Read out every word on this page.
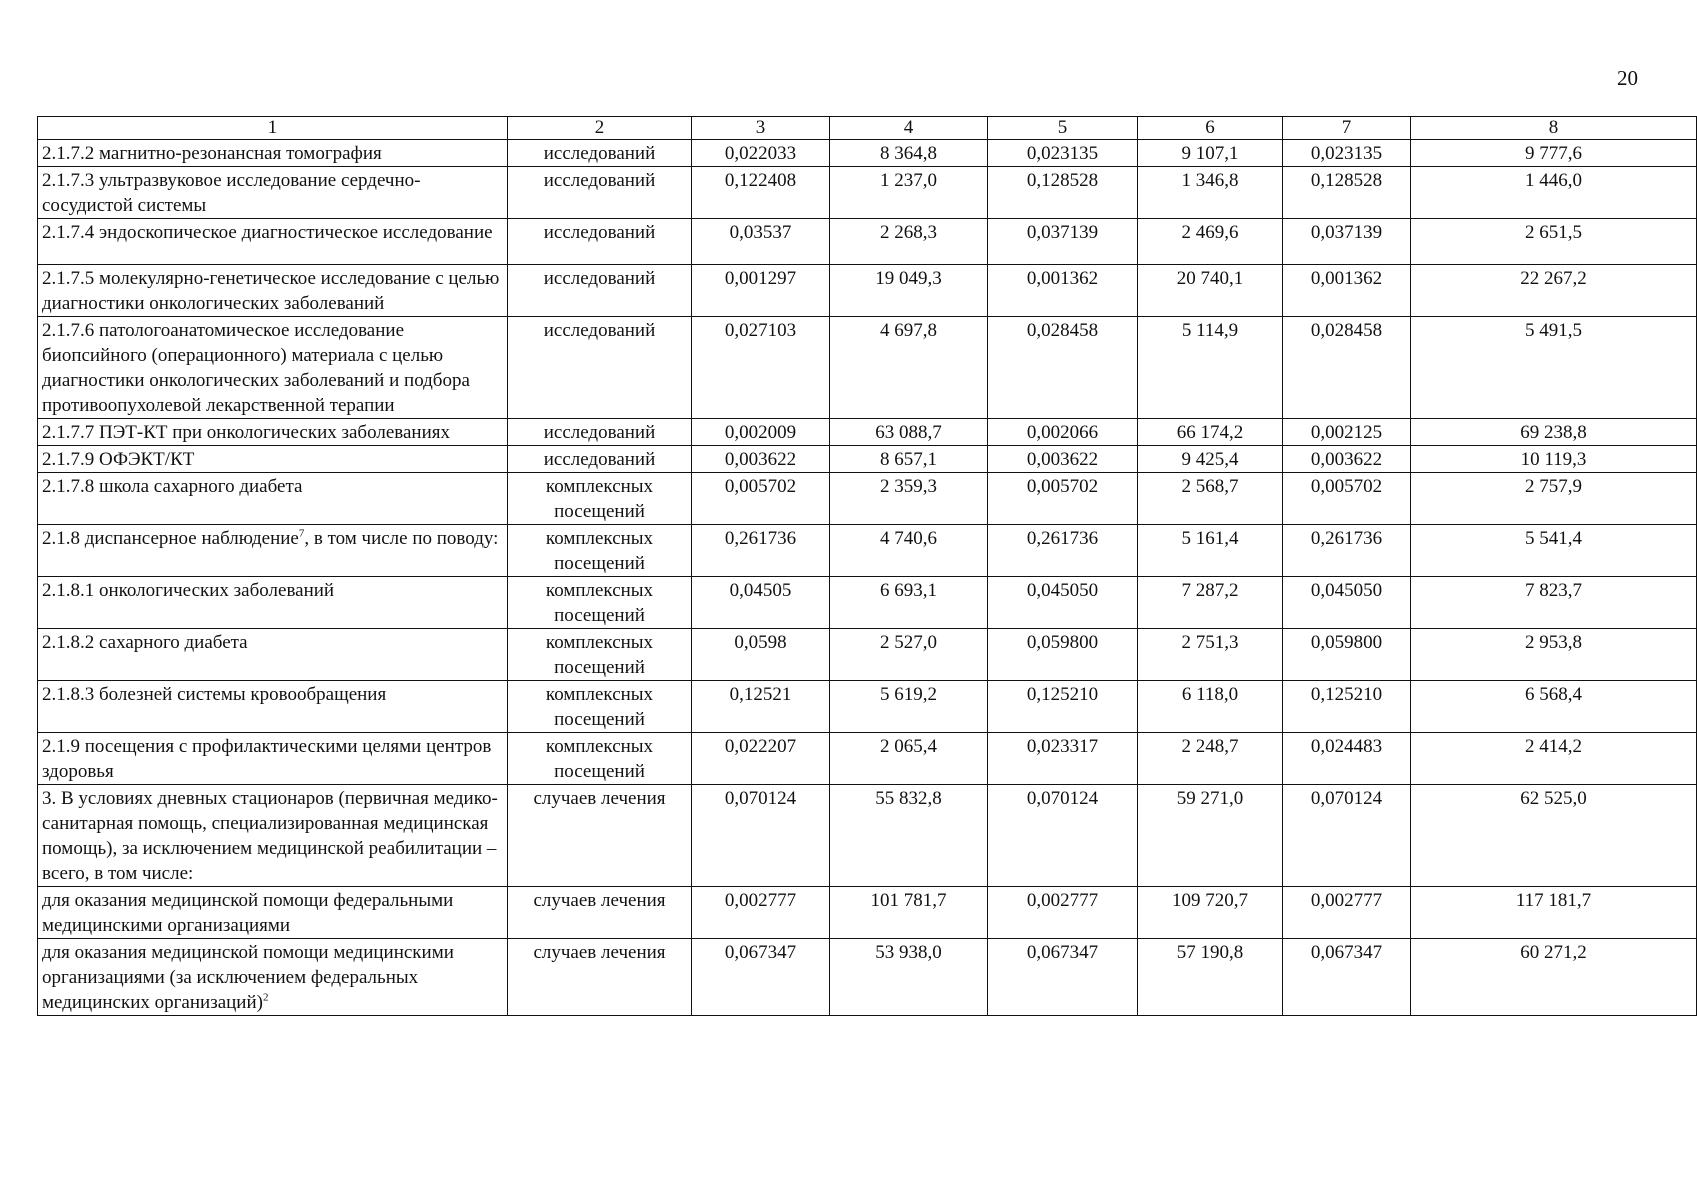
20
1	2	3	4	5	6	7	8
2.1.7.2 магнитно-резонансная томография	исследований	0,022033	8 364,8	0,023135	9 107,1	0,023135	9 777,6
2.1.7.3 ультразвуковое исследование сердечно-сосудистой системы	исследований	0,122408	1 237,0	0,128528	1 346,8	0,128528	1 446,0
2.1.7.4 эндоскопическое диагностическое исследование	исследований	0,03537	2 268,3	0,037139	2 469,6	0,037139	2 651,5
2.1.7.5 молекулярно-генетическое исследование с целью диагностики онкологических заболеваний	исследований	0,001297	19 049,3	0,001362	20 740,1	0,001362	22 267,2
2.1.7.6 патологоанатомическое исследование биопсийного (операционного) материала с целью диагностики онкологических заболеваний и подбора противоопухолевой лекарственной терапии	исследований	0,027103	4 697,8	0,028458	5 114,9	0,028458	5 491,5
2.1.7.7 ПЭТ-КТ при онкологических заболеваниях	исследований	0,002009	63 088,7	0,002066	66 174,2	0,002125	69 238,8
2.1.7.9 ОФЭКТ/КТ	исследований	0,003622	8 657,1	0,003622	9 425,4	0,003622	10 119,3
2.1.7.8 школа сахарного диабета	комплексных посещений	0,005702	2 359,3	0,005702	2 568,7	0,005702	2 757,9
2.1.8 диспансерное наблюдение$^7$, в том числе по поводу:	комплексных посещений	0,261736	4 740,6	0,261736	5 161,4	0,261736	5 541,4
2.1.8.1 онкологических заболеваний	комплексных посещений	0,04505	6 693,1	0,045050	7 287,2	0,045050	7 823,7
2.1.8.2 сахарного диабета	комплексных посещений	0,0598	2 527,0	0,059800	2 751,3	0,059800	2 953,8
2.1.8.3 болезней системы кровообращения	комплексных посещений	0,12521	5 619,2	0,125210	6 118,0	0,125210	6 568,4
2.1.9 посещения с профилактическими целями центров здоровья	комплексных посещений	0,022207	2 065,4	0,023317	2 248,7	0,024483	2 414,2
3. В условиях дневных стационаров (первичная медико-санитарная помощь, специализированная медицинская помощь), за исключением медицинской реабилитации – всего, в том числе:	случаев лечения	0,070124	55 832,8	0,070124	59 271,0	0,070124	62 525,0
для оказания медицинской помощи федеральными медицинскими организациями	случаев лечения	0,002777	101 781,7	0,002777	109 720,7	0,002777	117 181,7
для оказания медицинской помощи медицинскими организациями (за исключением федеральных медицинских организаций)$^2$	случаев лечения	0,067347	53 938,0	0,067347	57 190,8	0,067347	60 271,2
